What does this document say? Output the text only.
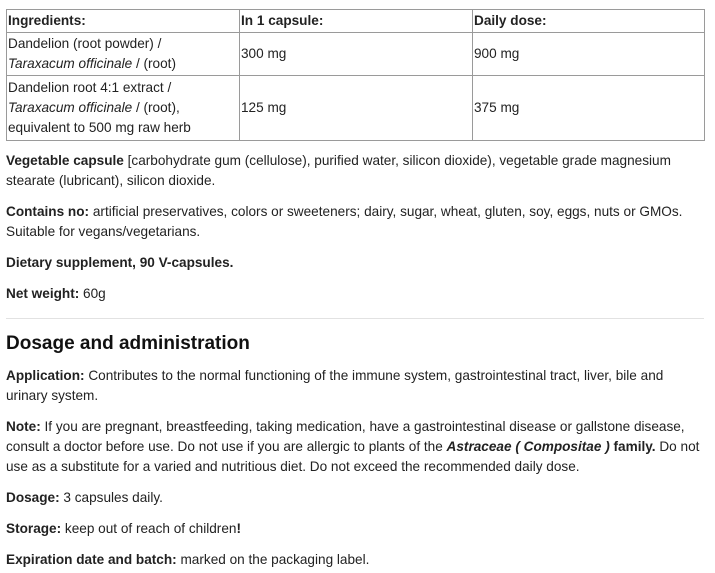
Ingredients:	In 1 capsule:	Daily dose:
Dandelion (root powder) /
Taraxacum officinale / (root)	300 mg	900 mg
Dandelion root 4:1 extract /
Taraxacum officinale / (root),
equivalent to 500 mg raw herb	125 mg	375 mg

Vegetable capsule [carbohydrate gum (cellulose), purified water, silicon dioxide), vegetable grade magnesium stearate (lubricant), silicon dioxide.

Contains no: artificial preservatives, colors or sweeteners; dairy, sugar, wheat, gluten, soy, eggs, nuts or GMOs. Suitable for vegans/vegetarians.

Dietary supplement, 90 V-capsules.

Net weight: 60g

Dosage and administration

Application: Contributes to the normal functioning of the immune system, gastrointestinal tract, liver, bile and urinary system.

Note: If you are pregnant, breastfeeding, taking medication, have a gastrointestinal disease or gallstone disease, consult a doctor before use. Do not use if you are allergic to plants of the Astraceae ( Compositae ) family. Do not use as a substitute for a varied and nutritious diet. Do not exceed the recommended daily dose.

Dosage: 3 capsules daily.

Storage: keep out of reach of children!

Expiration date and batch: marked on the packaging label.
